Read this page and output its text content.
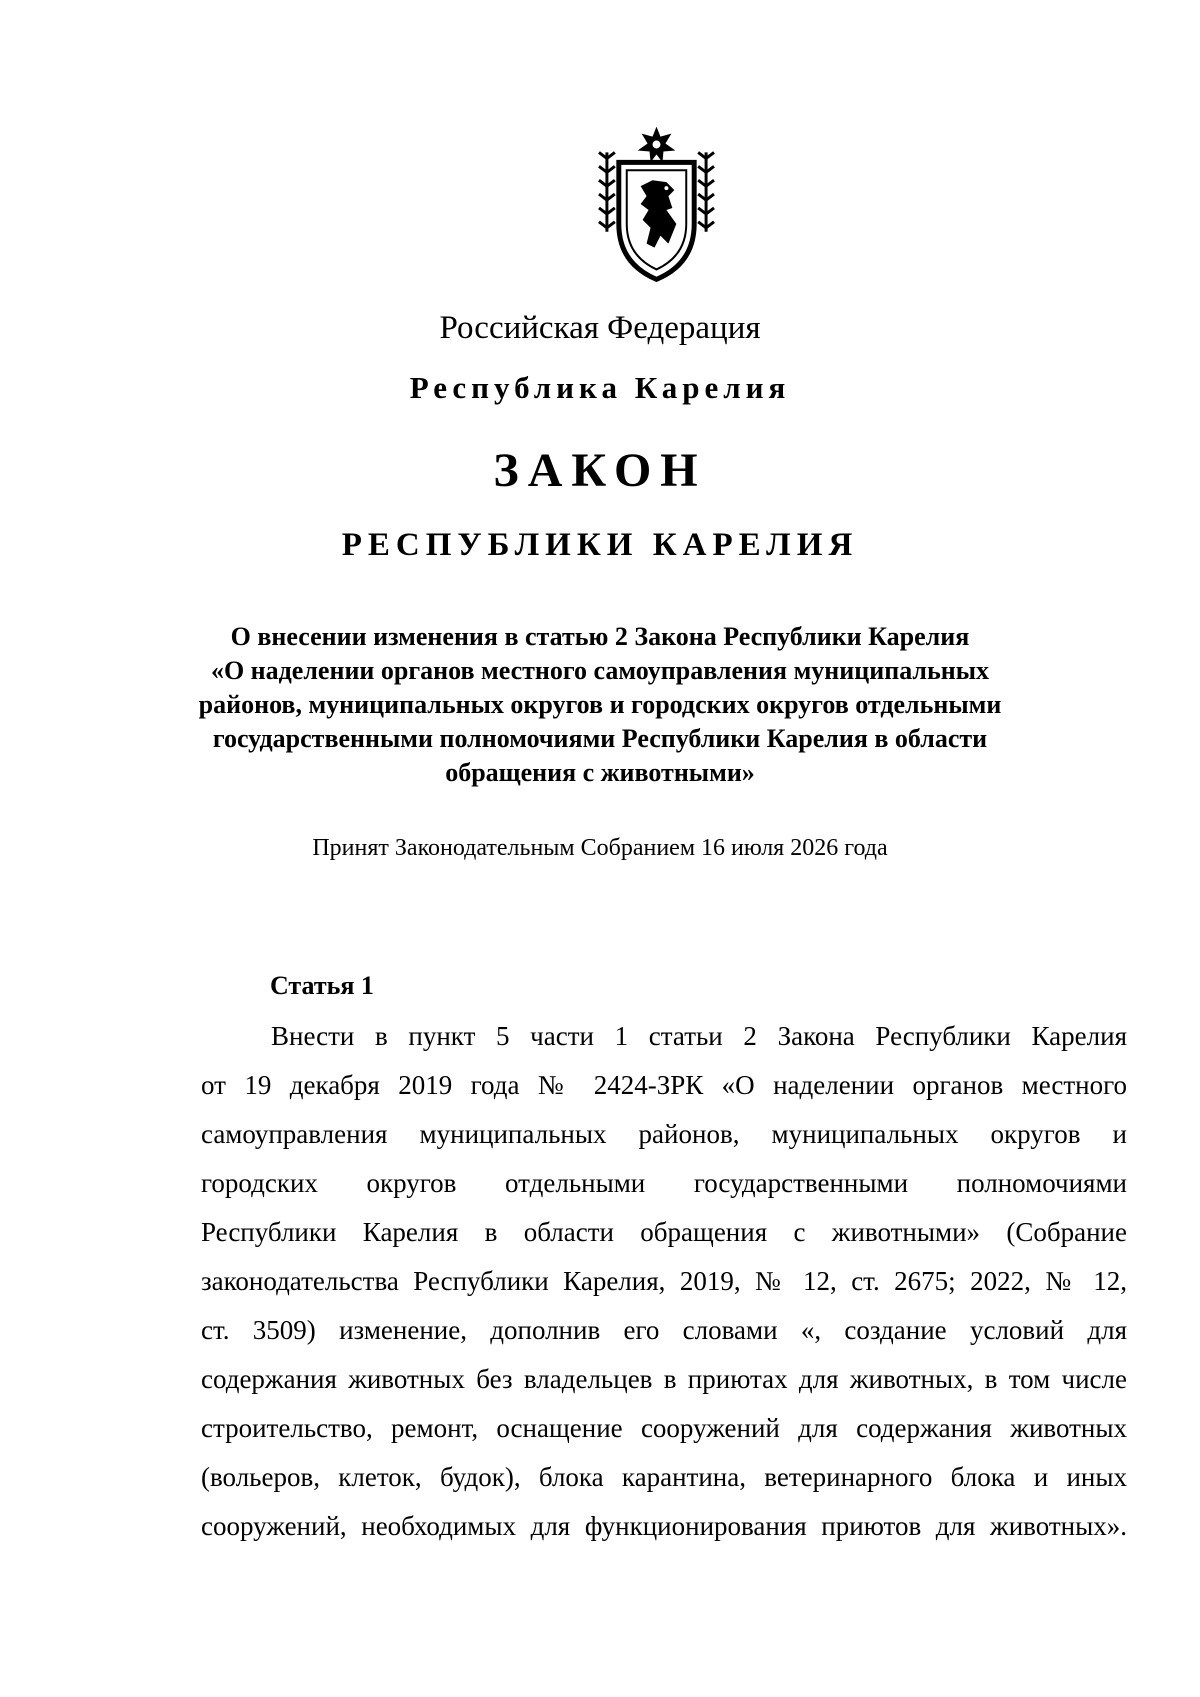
Российская Федерация
Республика Карелия
ЗАКОН
РЕСПУБЛИКИ КАРЕЛИЯ
О внесении изменения в статью 2 Закона Республики Карелия
«О наделении органов местного самоуправления муниципальных
районов, муниципальных округов и городских округов отдельными
государственными полномочиями Республики Карелия в области
обращения с животными»
Принят Законодательным Собранием 16 июля 2026 года
Статья 1
Внести в пункт 5 части 1 статьи 2 Закона Республики Карелия
от 19 декабря 2019 года № 2424-ЗРК «О наделении органов местного
самоуправления муниципальных районов, муниципальных округов и
городских округов отдельными государственными полномочиями
Республики Карелия в области обращения с животными» (Собрание
законодательства Республики Карелия, 2019, № 12, ст. 2675; 2022, № 12,
ст. 3509) изменение, дополнив его словами «, создание условий для
содержания животных без владельцев в приютах для животных, в том числе
строительство, ремонт, оснащение сооружений для содержания животных
(вольеров, клеток, будок), блока карантина, ветеринарного блока и иных
сооружений, необходимых для функционирования приютов для животных».
